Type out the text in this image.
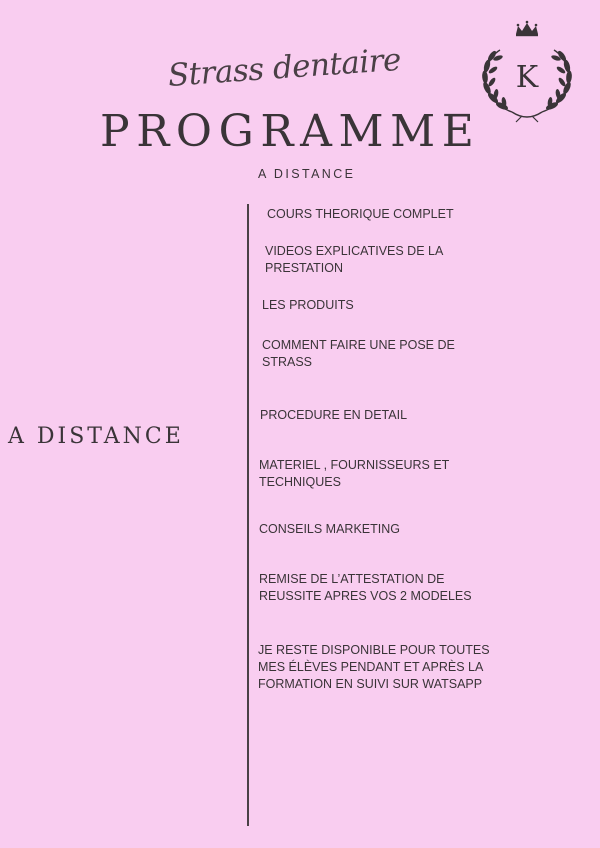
Strass dentaire
PROGRAMME
A DISTANCE
K
A DISTANCE
COURS THEORIQUE COMPLET
VIDEOS EXPLICATIVES DE LA
PRESTATION
LES PRODUITS
COMMENT FAIRE UNE POSE DE
STRASS
PROCEDURE EN DETAIL
MATERIEL , FOURNISSEURS ET
TECHNIQUES
CONSEILS MARKETING
REMISE DE L’ATTESTATION DE
REUSSITE APRES VOS 2 MODELES
JE RESTE DISPONIBLE POUR TOUTES
MES ÉLÈVES PENDANT ET APRÈS LA
FORMATION EN SUIVI SUR WATSAPP
